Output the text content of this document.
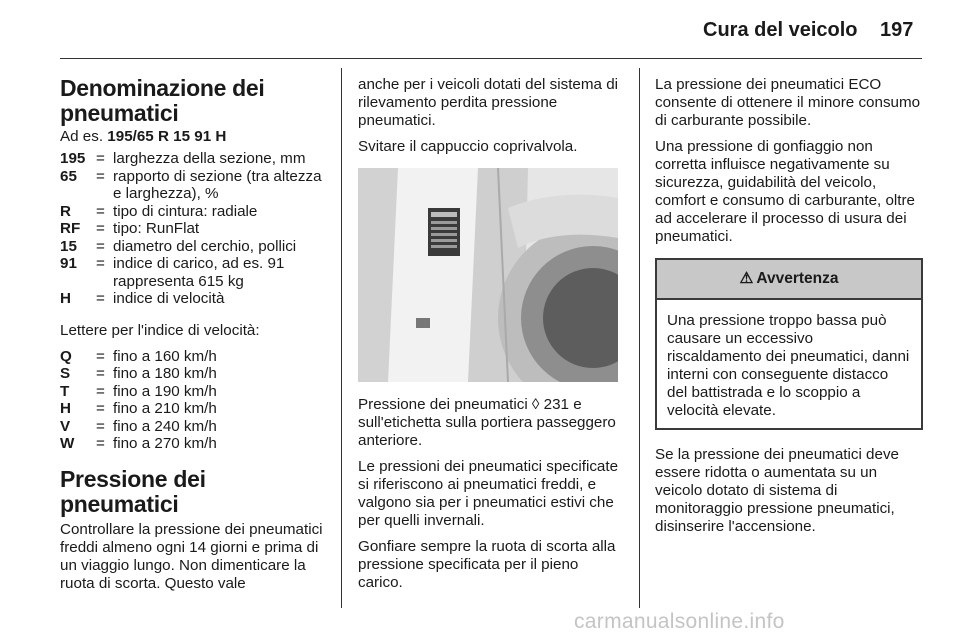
Cura del veicolo 197
Denominazione dei pneumatici
Ad es. 195/65 R 15 91 H
195 = larghezza della sezione, mm
65	= rapporto di sezione (tra altezza e larghezza), %
R	= tipo di cintura: radiale
RF	= tipo: RunFlat
15	= diametro del cerchio, pollici
91	= indice di carico, ad es. 91 rappresenta 615 kg
H	= indice di velocità

Lettere per l'indice di velocità:

Q	= fino a 160 km/h
S	= fino a 180 km/h
T	= fino a 190 km/h
H	= fino a 210 km/h
V	= fino a 240 km/h
W	= fino a 270 km/h
Pressione dei pneumatici

Controllare la pressione dei pneumatici freddi almeno ogni 14 giorni e prima di un viaggio lungo. Non dimenticare la ruota di scorta. Questo vale

anche per i veicoli dotati del sistema di rilevamento perdita pressione pneumatici.

Svitare il cappuccio coprivalvola.

Pressione dei pneumatici ◊ 231 e sull'etichetta sulla portiera passeggero anteriore.

Le pressioni dei pneumatici specificate si riferiscono ai pneumatici freddi, e valgono sia per i pneumatici estivi che per quelli invernali.

Gonfiare sempre la ruota di scorta alla pressione specificata per il pieno carico.

La pressione dei pneumatici ECO consente di ottenere il minore consumo di carburante possibile.

Una pressione di gonfiaggio non corretta influisce negativamente su sicurezza, guidabilità del veicolo, comfort e consumo di carburante, oltre ad accelerare il processo di usura dei pneumatici.

⚠ Avvertenza

Una pressione troppo bassa può causare un eccessivo riscaldamento dei pneumatici, danni interni con conseguente distacco del battistrada e lo scoppio a velocità elevate.

Se la pressione dei pneumatici deve essere ridotta o aumentata su un veicolo dotato di sistema di monitoraggio pressione pneumatici, disinserire l'accensione.

carmanualsonline.info
